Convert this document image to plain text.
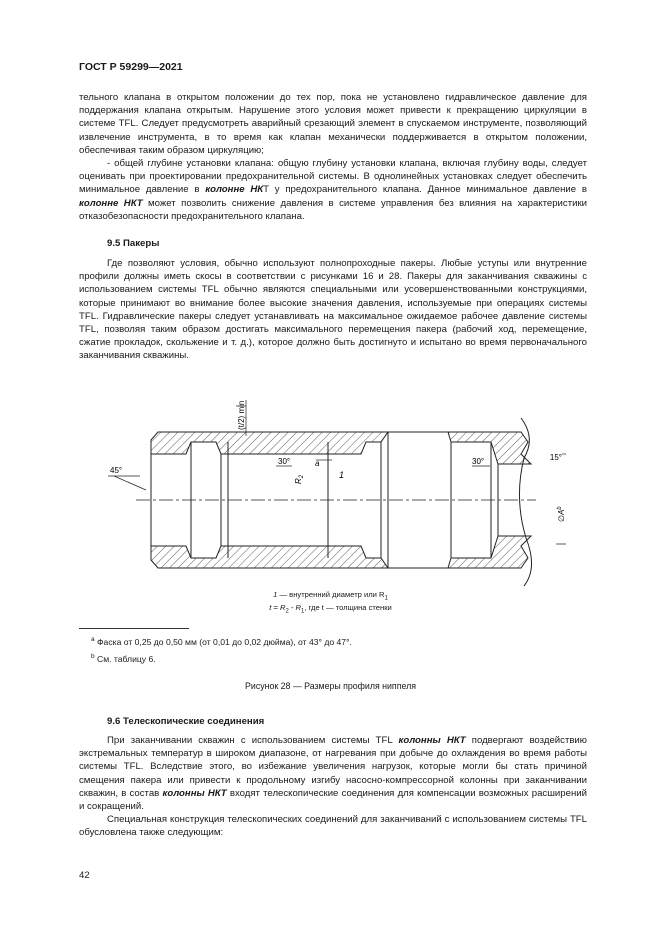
ГОСТ Р 59299—2021

тельного клапана в открытом положении до тех пор, пока не установлено гидравлическое давление для поддержания клапана открытым. Нарушение этого условия может привести к прекращению циркуляции в системе TFL. Следует предусмотреть аварийный срезающий элемент в спускаемом инструменте, позволяющий извлечение инструмента, в то время как клапан механически поддерживается в открытом положении, обеспечивая таким образом циркуляцию;

- общей глубине установки клапана: общую глубину установки клапана, включая глубину воды, следует оценивать при проектировании предохранительной системы. В однолинейных установках следует обеспечить минимальное давление в колонне НКТ у предохранительного клапана. Данное минимальное давление в колонне НКТ может позволить снижение давления в системе управления без влияния на характеристики отказобезопасности предохранительного клапана.

9.5 Пакеры

Где позволяют условия, обычно используют полнопроходные пакеры. Любые уступы или внутренние профили должны иметь скосы в соответствии с рисунками 16 и 28. Пакеры для заканчивания скважины с использованием системы TFL обычно являются специальными или усовершенствованными конструкциями, которые принимают во внимание более высокие значения давления, используемые при операциях системы TFL. Гидравлические пакеры следует устанавливать на максимальное ожидаемое рабочее давление системы TFL, позволяя таким образом достигать максимального перемещения пакера (рабочий ход, перемещение, сжатие прокладок, скольжение и т. д.), которое должно быть достигнуто и испытано во время первоначального заканчивания скважины.

(t/2) min
45°
30°	a
1
$R_2$
30°	15°
$\emptyset A^b$
1 — внутренний диаметр или $R_1$
$t = R_2 - R_1$, где t — толщина стенки
$^a$ Фаска от 0,25 до 0,50 мм (от 0,01 до 0,02 дюйма), от 43° до 47°.
$^b$ См. таблицу 6.
Рисунок 28 — Размеры профиля ниппеля
9.6 Телескопические соединения

При заканчивании скважин с использованием системы TFL колонны НКТ подвергают воздействию экстремальных температур в широком диапазоне, от нагревания при добыче до охлаждения во время работы системы TFL. Вследствие этого, во избежание увеличения нагрузок, которые могли бы стать причиной смещения пакера или привести к продольному изгибу насосно-компрессорной колонны при заканчивании скважин, в состав колонны НКТ входят телескопические соединения для компенсации возможных расширений и сокращений.

Специальная конструкция телескопических соединений для заканчиваний с использованием системы TFL обусловлена также следующим:

42
